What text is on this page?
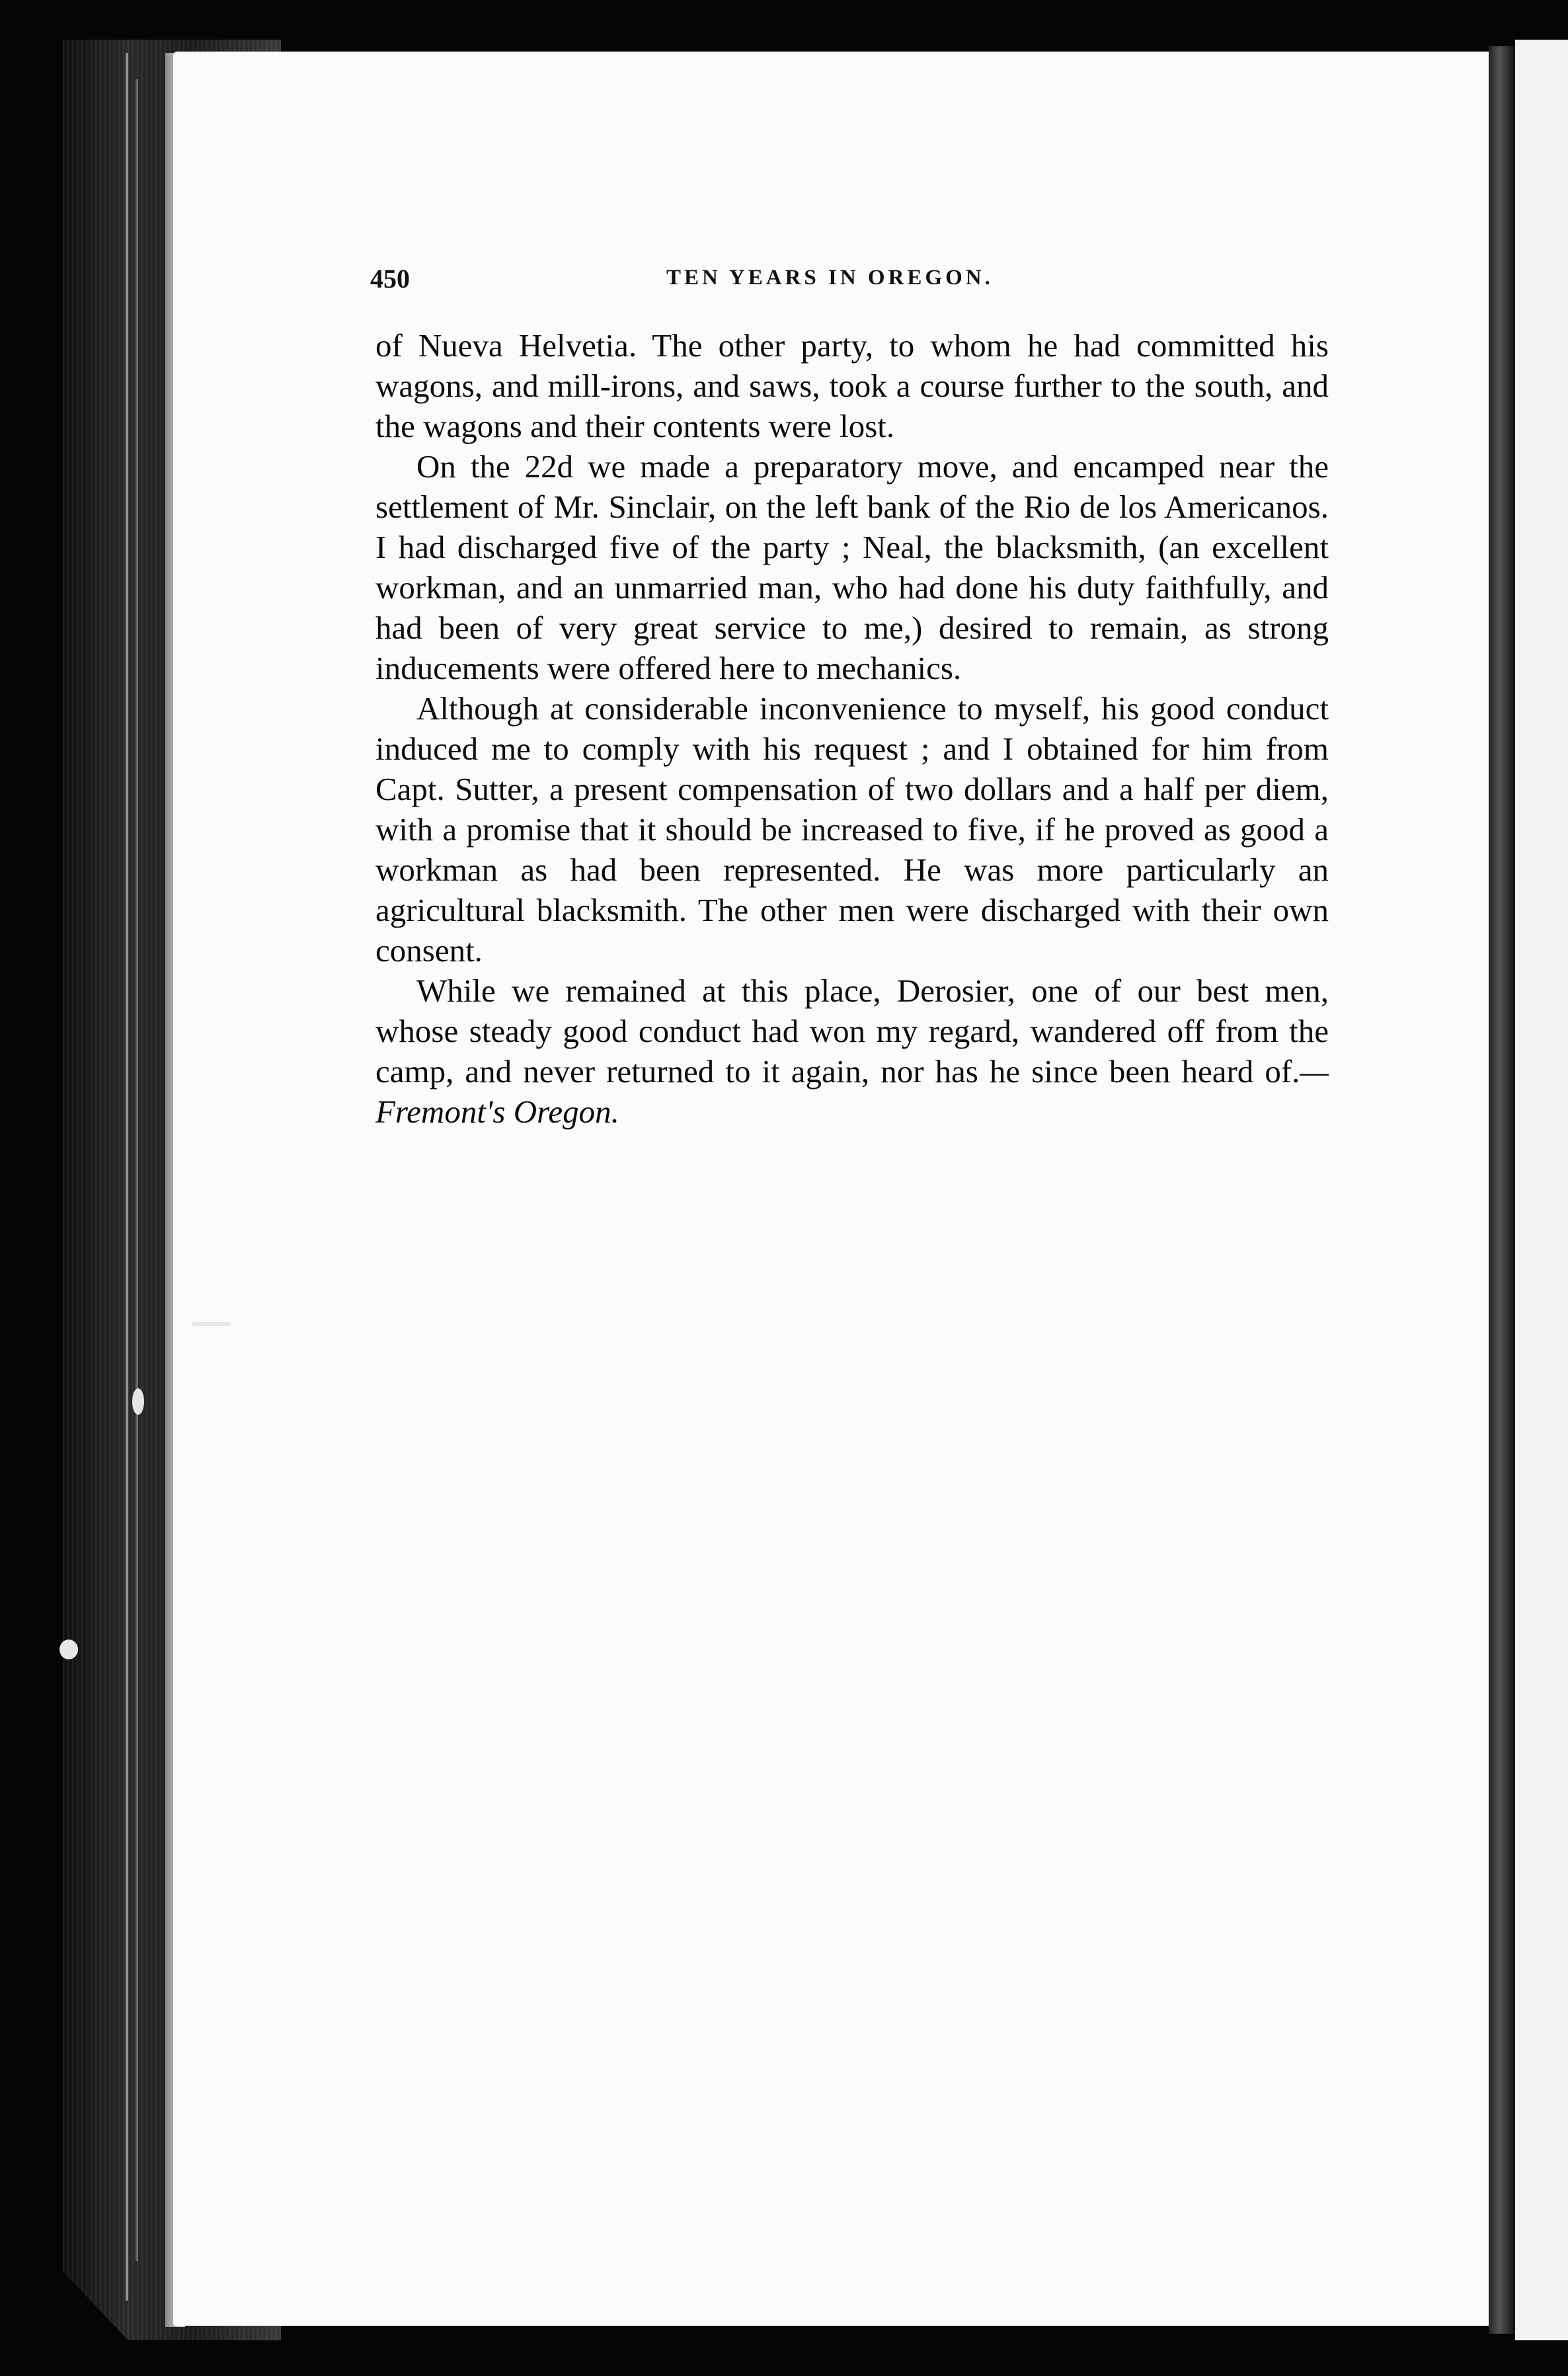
450	TEN YEARS IN OREGON.

of Nueva Helvetia. The other party, to whom he had committed his wagons, and mill-irons, and saws, took a course further to the south, and the wagons and their contents were lost.

On the 22d we made a preparatory move, and encamped near the settlement of Mr. Sinclair, on the left bank of the Rio de los Americanos. I had discharged five of the party ; Neal, the blacksmith, (an excellent workman, and an unmarried man, who had done his duty faithfully, and had been of very great service to me,) desired to remain, as strong inducements were offered here to mechanics.

Although at considerable inconvenience to myself, his good conduct induced me to comply with his request ; and I obtained for him from Capt. Sutter, a present compensation of two dollars and a half per diem, with a promise that it should be increased to five, if he proved as good a workman as had been represented. He was more particularly an agricultural blacksmith. The other men were discharged with their own consent.

While we remained at this place, Derosier, one of our best men, whose steady good conduct had won my regard, wandered off from the camp, and never returned to it again, nor has he since been heard of.—Fremont's Oregon.
